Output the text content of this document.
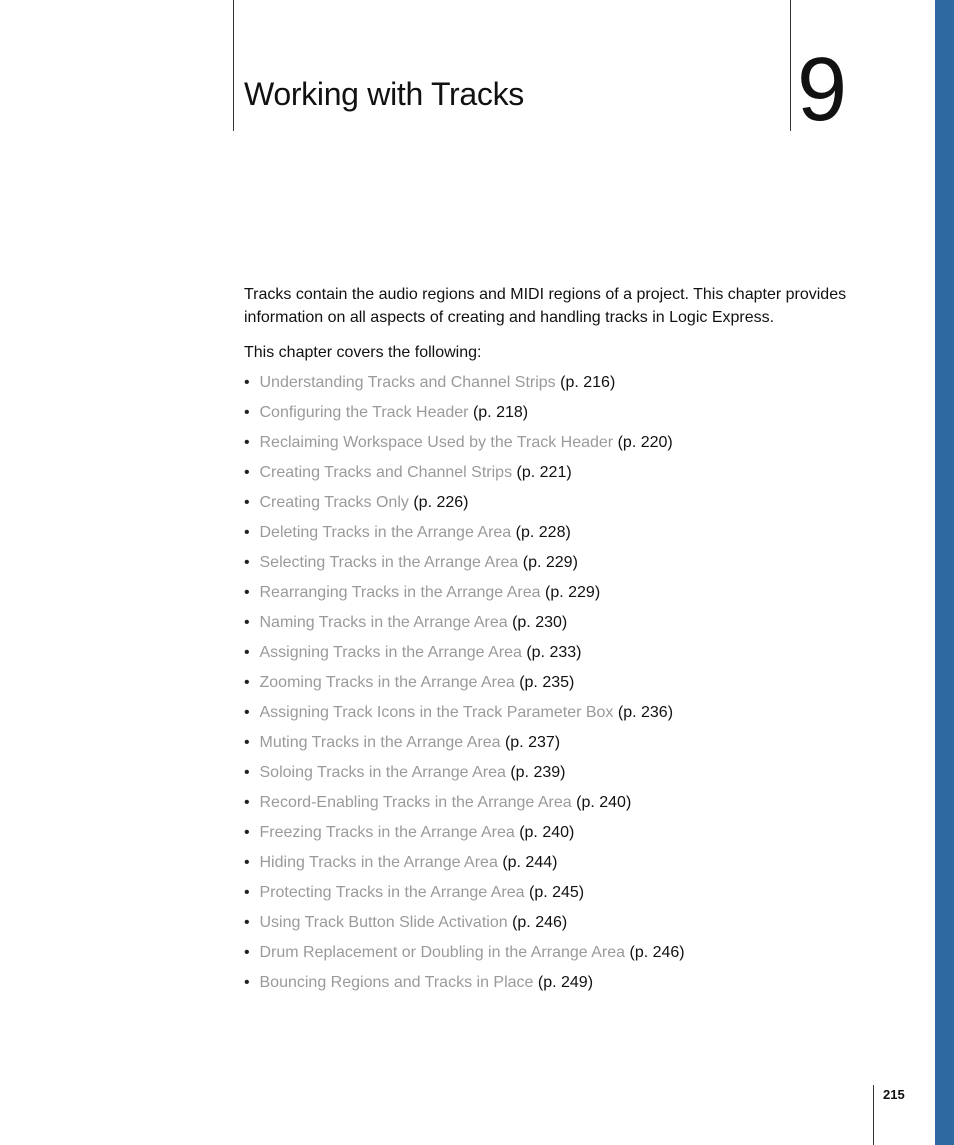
Working with Tracks	9

Tracks contain the audio regions and MIDI regions of a project. This chapter provides information on all aspects of creating and handling tracks in Logic Express.

This chapter covers the following:

• Understanding Tracks and Channel Strips (p. 216)
• Configuring the Track Header (p. 218)
• Reclaiming Workspace Used by the Track Header (p. 220)
• Creating Tracks and Channel Strips (p. 221)
• Creating Tracks Only (p. 226)
• Deleting Tracks in the Arrange Area (p. 228)
• Selecting Tracks in the Arrange Area (p. 229)
• Rearranging Tracks in the Arrange Area (p. 229)
• Naming Tracks in the Arrange Area (p. 230)
• Assigning Tracks in the Arrange Area (p. 233)
• Zooming Tracks in the Arrange Area (p. 235)
• Assigning Track Icons in the Track Parameter Box (p. 236)
• Muting Tracks in the Arrange Area (p. 237)
• Soloing Tracks in the Arrange Area (p. 239)
• Record-Enabling Tracks in the Arrange Area (p. 240)
• Freezing Tracks in the Arrange Area (p. 240)
• Hiding Tracks in the Arrange Area (p. 244)
• Protecting Tracks in the Arrange Area (p. 245)
• Using Track Button Slide Activation (p. 246)
• Drum Replacement or Doubling in the Arrange Area (p. 246)
• Bouncing Regions and Tracks in Place (p. 249)
215
